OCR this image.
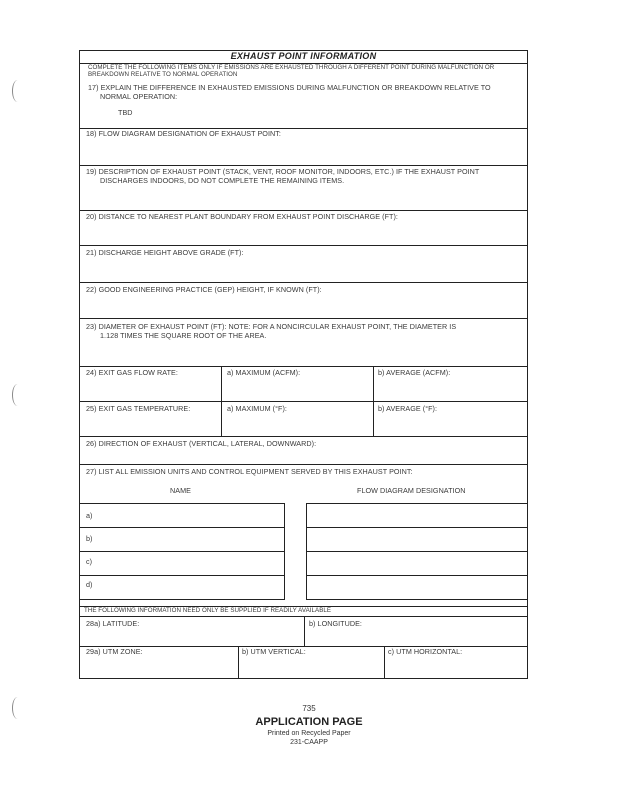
EXHAUST POINT INFORMATION
COMPLETE THE FOLLOWING ITEMS ONLY IF EMISSIONS ARE EXHAUSTED THROUGH A DIFFERENT POINT DURING MALFUNCTION OR BREAKDOWN RELATIVE TO NORMAL OPERATION
17) EXPLAIN THE DIFFERENCE IN EXHAUSTED EMISSIONS DURING MALFUNCTION OR BREAKDOWN RELATIVE TO
NORMAL OPERATION:
TBD
18) FLOW DIAGRAM DESIGNATION OF EXHAUST POINT:
19) DESCRIPTION OF EXHAUST POINT (STACK, VENT, ROOF MONITOR, INDOORS, ETC.) IF THE EXHAUST POINT
DISCHARGES INDOORS, DO NOT COMPLETE THE REMAINING ITEMS.
20) DISTANCE TO NEAREST PLANT BOUNDARY FROM EXHAUST POINT DISCHARGE (FT):
21) DISCHARGE HEIGHT ABOVE GRADE (FT):
22) GOOD ENGINEERING PRACTICE (GEP) HEIGHT, IF KNOWN (FT):
23) DIAMETER OF EXHAUST POINT (FT): NOTE: FOR A NONCIRCULAR EXHAUST POINT, THE DIAMETER IS
1.128 TIMES THE SQUARE ROOT OF THE AREA.
24) EXIT GAS FLOW RATE:	a) MAXIMUM (ACFM):	b) AVERAGE (ACFM):
25) EXIT GAS TEMPERATURE:	a) MAXIMUM (°F):	b) AVERAGE (°F):
26) DIRECTION OF EXHAUST (VERTICAL, LATERAL, DOWNWARD):
27) LIST ALL EMISSION UNITS AND CONTROL EQUIPMENT SERVED BY THIS EXHAUST POINT:
NAME	FLOW DIAGRAM DESIGNATION
a)
b)
c)
d)
THE FOLLOWING INFORMATION NEED ONLY BE SUPPLIED IF READILY AVAILABLE
28a) LATITUDE:	b) LONGITUDE:
29a) UTM ZONE:	b) UTM VERTICAL:	c) UTM HORIZONTAL:
735
APPLICATION PAGE
Printed on Recycled Paper
231-CAAPP
